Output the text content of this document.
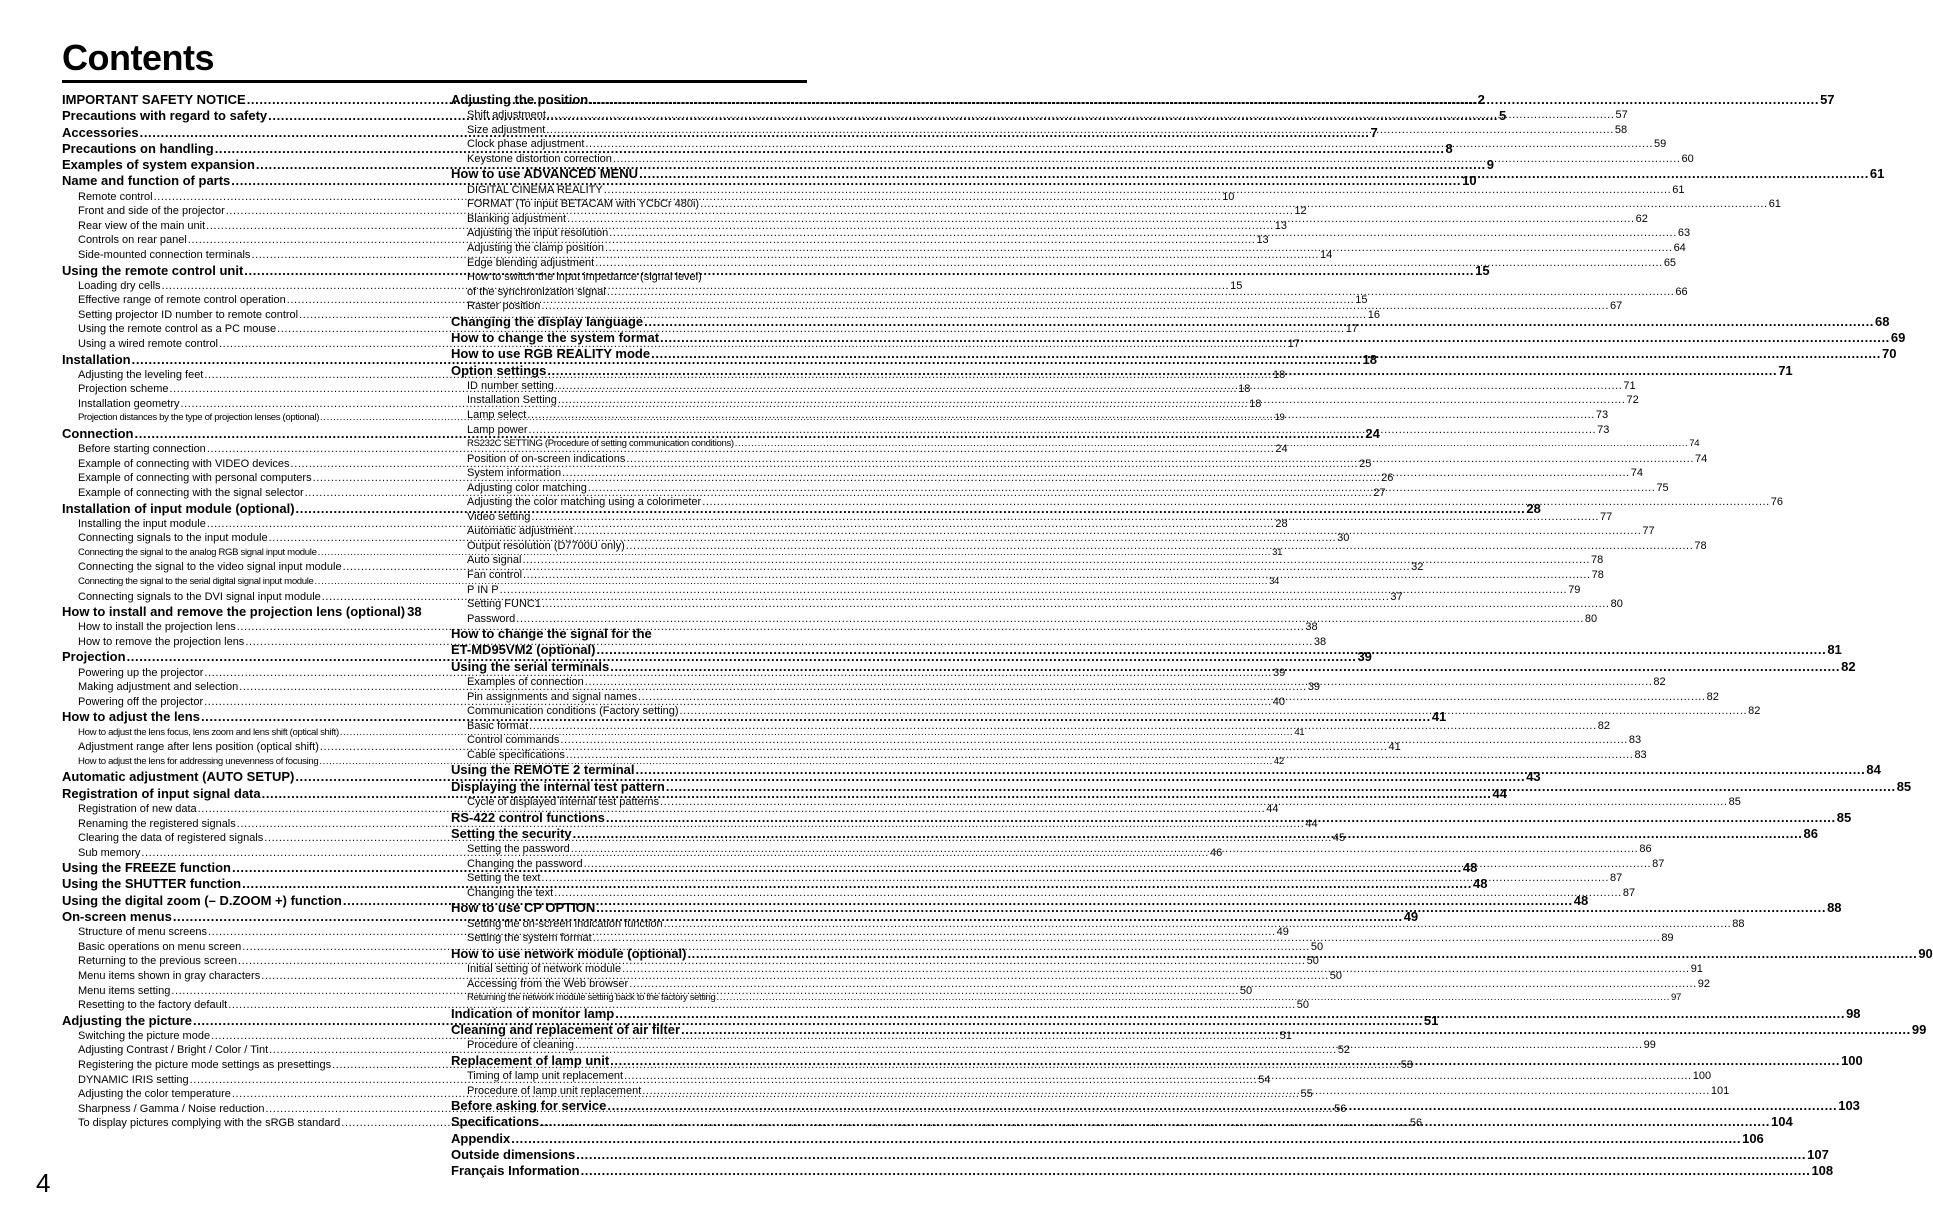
Contents
IMPORTANT SAFETY NOTICE .....	2
Precautions with regard to safety .....	5
Accessories .....	7
Precautions on handling .....	8
Examples of system expansion .....	9
Name and function of parts .....	10
Remote control .....	10
Front and side of the projector .....	12
Rear view of the main unit .....	13
Controls on rear panel .....	13
Side-mounted connection terminals .....	14
Using the remote control unit .....	15
Loading dry cells .....	15
Effective range of remote control operation .....	15
Setting projector ID number to remote control .....	16
Using the remote control as a PC mouse .....	17
Using a wired remote control .....	17
Installation .....	18
Adjusting the leveling feet .....	18
Projection scheme .....	18
Installation geometry .....	18
Projection distances by the type of projection lenses (optional) .....	19
Connection .....	24
Before starting connection .....	24
Example of connecting with VIDEO devices .....	25
Example of connecting with personal computers .....	26
Example of connecting with the signal selector .....	27
Installation of input module (optional) .....	28
Installing the input module .....	28
Connecting signals to the input module .....	30
Connecting the signal to the analog RGB signal input module .....	31
Connecting the signal to the video signal input module .....	32
Connecting the signal to the serial digital signal input module .....	34
Connecting signals to the DVI signal input module .....	37
How to install and remove the projection lens (optional) 38
How to install the projection lens .....	38
How to remove the projection lens .....	38
Projection .....	39
Powering up the projector .....	39
Making adjustment and selection .....	39
Powering off the projector .....	40
How to adjust the lens .....	41
How to adjust the lens focus, lens zoom and lens shift (optical shift) .....	41
Adjustment range after lens position (optical shift) .....	41
How to adjust the lens for addressing unevenness of focusing .....	42
Automatic adjustment (AUTO SETUP) .....	43
Registration of input signal data .....	44
Registration of new data .....	44
Renaming the registered signals .....	44
Clearing the data of registered signals .....	45
Sub memory .....	46
Using the FREEZE function .....	48
Using the SHUTTER function .....	48
Using the digital zoom (– D.ZOOM +) function .....	48
On-screen menus .....	49
Structure of menu screens .....	49
Basic operations on menu screen .....	50
Returning to the previous screen .....	50
Menu items shown in gray characters .....	50
Menu items setting .....	50
Resetting to the factory default .....	50
Adjusting the picture .....	51
Switching the picture mode .....	51
Adjusting Contrast / Bright / Color / Tint .....	52
Registering the picture mode settings as presettings .....	53
DYNAMIC IRIS setting .....	54
Adjusting the color temperature .....	55
Sharpness / Gamma / Noise reduction .....	56
To display pictures complying with the sRGB standard .....	56
Adjusting the position .....	57
Shift adjustment .....	57
Size adjustment .....	58
Clock phase adjustment .....	59
Keystone distortion correction .....	60
How to use ADVANCED MENU .....	61
DIGITAL CINEMA REALITY .....	61
FORMAT (To input BETACAM with YCbCr 480i) .....	61
Blanking adjustment .....	62
Adjusting the input resolution .....	63
Adjusting the clamp position .....	64
Edge blending adjustment .....	65
How to switch the input impedance (signal level)
of the synchronization signal .....	66
Raster position .....	67
Changing the display language .....	68
How to change the system format .....	69
How to use RGB REALITY mode .....	70
Option settings .....	71
ID number setting .....	71
Installation Setting .....	72
Lamp select .....	73
Lamp power .....	73
RS232C SETTING (Procedure of setting communication conditions) .....	74
Position of on-screen indications .....	74
System information .....	74
Adjusting color matching .....	75
Adjusting the color matching using a colorimeter .....	76
Video setting .....	77
Automatic adjustment .....	77
Output resolution (D7700U only) .....	78
Auto signal .....	78
Fan control .....	78
P IN P .....	79
Setting FUNC1 .....	80
Password .....	80
How to change the signal for the
ET-MD95VM2 (optional) .....	81
Using the serial terminals .....	82
Examples of connection .....	82
Pin assignments and signal names .....	82
Communication conditions (Factory setting) .....	82
Basic format .....	82
Control commands .....	83
Cable specifications .....	83
Using the REMOTE 2 terminal .....	84
Displaying the internal test pattern .....	85
Cycle of displayed internal test patterns .....	85
RS-422 control functions .....	85
Setting the security .....	86
Setting the password .....	86
Changing the password .....	87
Setting the text .....	87
Changing the text .....	87
How to use CP OPTION .....	88
Setting the on-screen indication function .....	88
Setting the system format .....	89
How to use network module (optional) .....	90
Initial setting of network module .....	91
Accessing from the Web browser .....	92
Returning the network module setting back to the factory setting .....	97
Indication of monitor lamp .....	98
Cleaning and replacement of air filter .....	99
Procedure of cleaning .....	99
Replacement of lamp unit .....	100
Timing of lamp unit replacement .....	100
Procedure of lamp unit replacement .....	101
Before asking for service .....	103
Specifications .....	104
Appendix .....	106
Outside dimensions .....	107
Français Information .....	108
4
